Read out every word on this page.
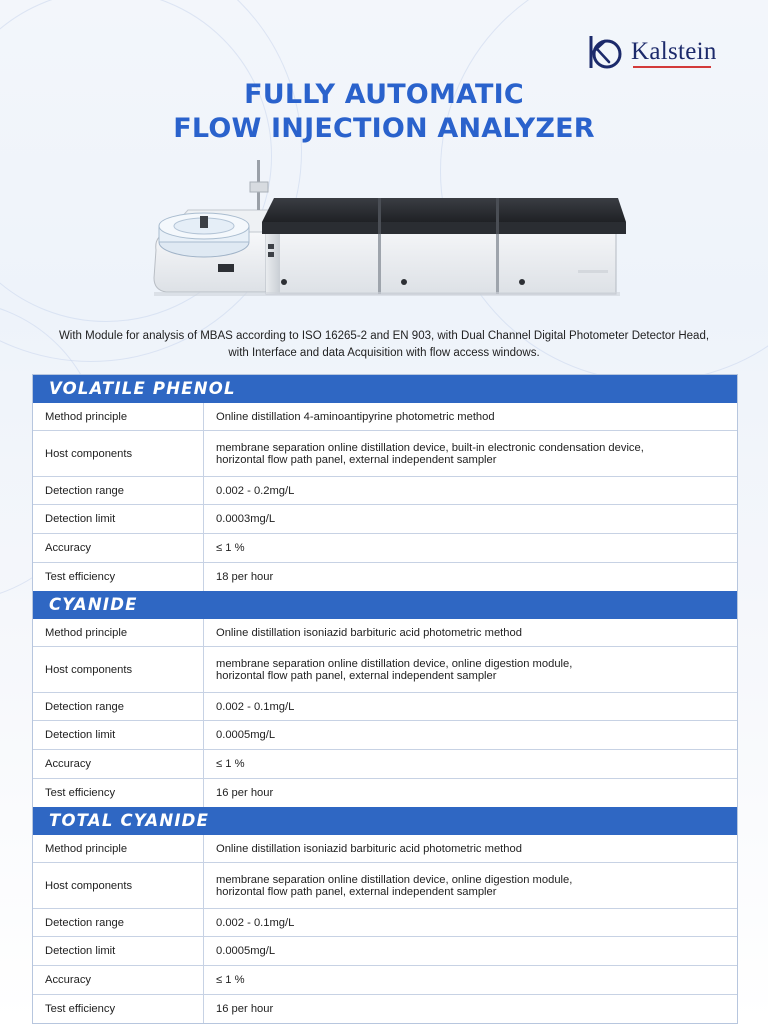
Kalstein
FULLY AUTOMATIC
FLOW INJECTION ANALYZER
With Module for analysis of MBAS according to ISO 16265-2 and EN 903, with Dual Channel Digital Photometer Detector Head,
with Interface and data Acquisition with flow access windows.
VOLATILE PHENOL
Method principle	Online distillation 4-aminoantipyrine photometric method
Host components	membrane separation online distillation device, built-in electronic condensation device,
horizontal flow path panel, external independent sampler
Detection range	0.002 - 0.2mg/L
Detection limit	0.0003mg/L
Accuracy	≤ 1 %
Test efficiency	18 per hour
CYANIDE
Method principle	Online distillation isoniazid barbituric acid photometric method
Host components	membrane separation online distillation device, online digestion module,
horizontal flow path panel, external independent sampler
Detection range	0.002 - 0.1mg/L
Detection limit	0.0005mg/L
Accuracy	≤ 1 %
Test efficiency	16 per hour
TOTAL CYANIDE
Method principle	Online distillation isoniazid barbituric acid photometric method
Host components	membrane separation online distillation device, online digestion module,
horizontal flow path panel, external independent sampler
Detection range	0.002 - 0.1mg/L
Detection limit	0.0005mg/L
Accuracy	≤ 1 %
Test efficiency	16 per hour
